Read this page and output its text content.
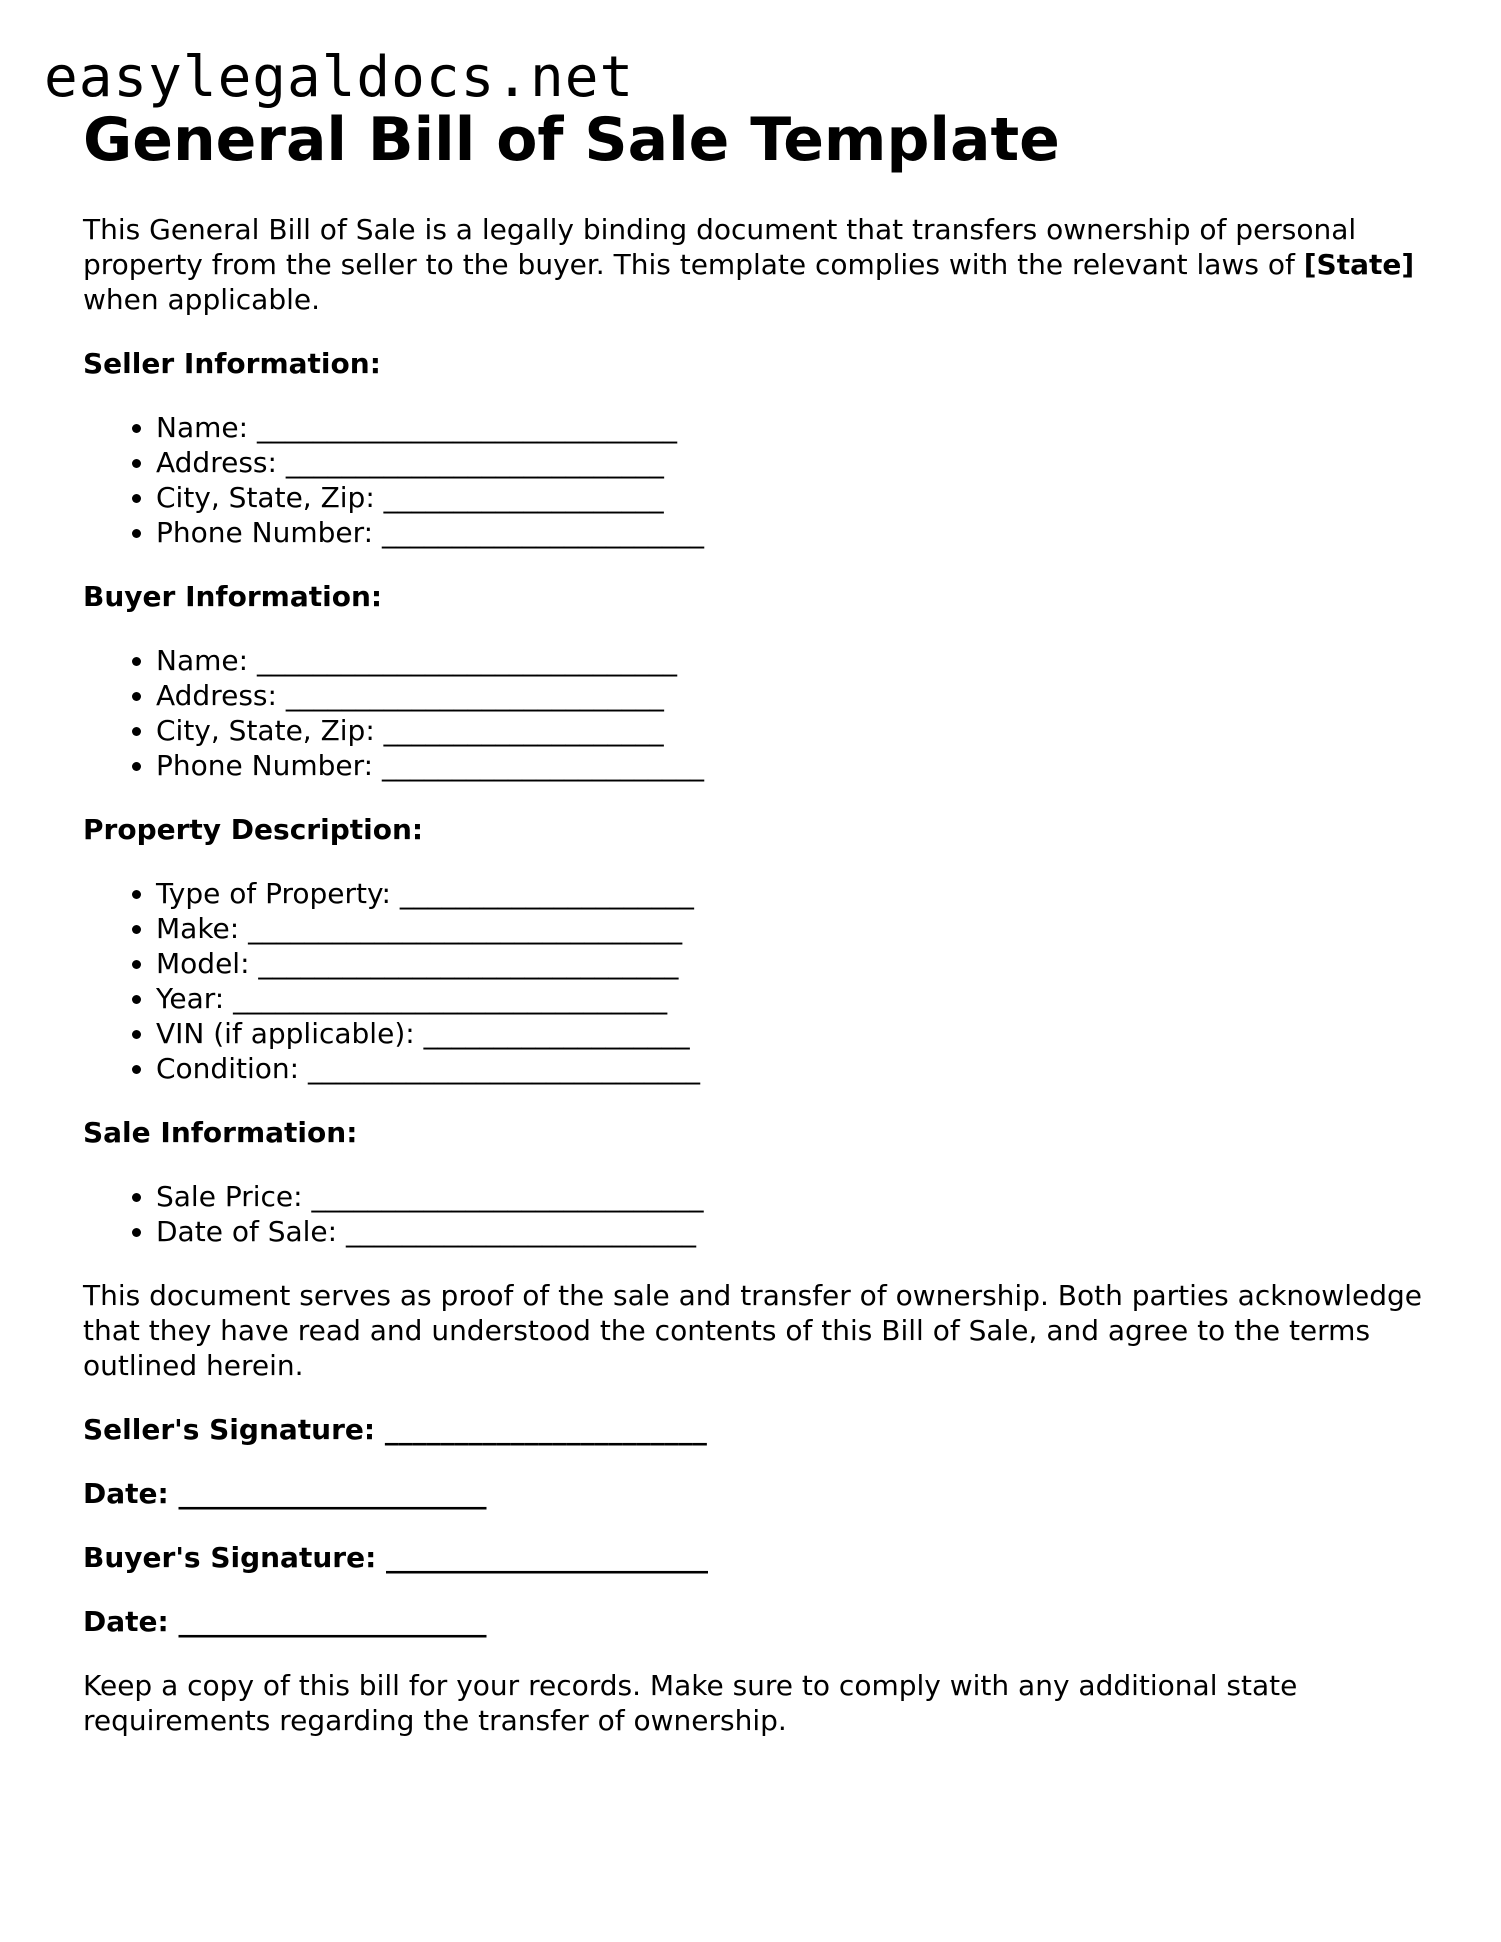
easylegaldocs.net
General Bill of Sale Template

This General Bill of Sale is a legally binding document that transfers ownership of personal property from the seller to the buyer. This template complies with the relevant laws of [State] when applicable.

Seller Information:

• Name: ______________________________
• Address: ___________________________
• City, State, Zip: ____________________
• Phone Number: _______________________

Buyer Information:

• Name: ______________________________
• Address: ___________________________
• City, State, Zip: ____________________
• Phone Number: _______________________

Property Description:

• Type of Property: _____________________
• Make: _______________________________
• Model: ______________________________
• Year: _______________________________
• VIN (if applicable): ___________________
• Condition: ____________________________

Sale Information:

• Sale Price: ____________________________
• Date of Sale: _________________________

This document serves as proof of the sale and transfer of ownership. Both parties acknowledge that they have read and understood the contents of this Bill of Sale, and agree to the terms outlined herein.

Seller's Signature: _______________________

Date: ______________________

Buyer's Signature: _______________________

Date: ______________________

Keep a copy of this bill for your records. Make sure to comply with any additional state requirements regarding the transfer of ownership.
